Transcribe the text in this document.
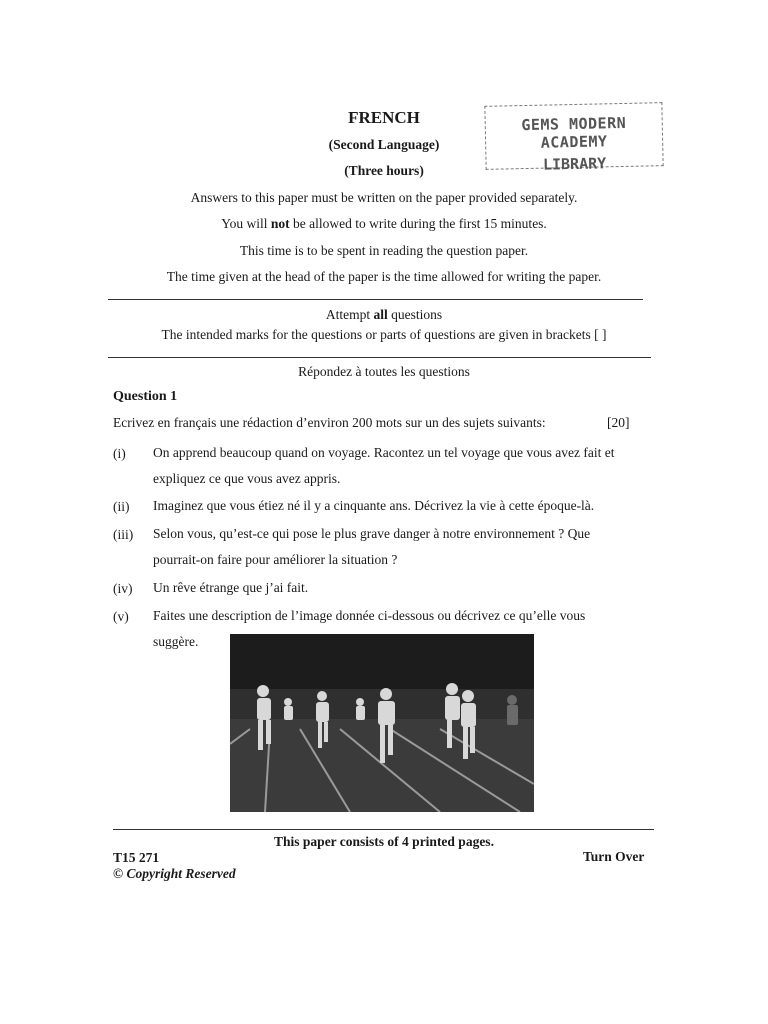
FRENCH
(Second Language)
(Three hours)
GEMS MODERN ACADEMY
LIBRARY
Answers to this paper must be written on the paper provided separately.
You will not be allowed to write during the first 15 minutes.
This time is to be spent in reading the question paper.
The time given at the head of the paper is the time allowed for writing the paper.
Attempt all questions
The intended marks for the questions or parts of questions are given in brackets [ ]
Répondez à toutes les questions
Question 1
Ecrivez en français une rédaction d’environ 200 mots sur un des sujets suivants:	[20]
(i) On apprend beaucoup quand on voyage. Racontez un tel voyage que vous avez fait et expliquez ce que vous avez appris.
(ii) Imaginez que vous étiez né il y a cinquante ans. Décrivez la vie à cette époque-là.
(iii) Selon vous, qu’est-ce qui pose le plus grave danger à notre environnement ? Que pourrait-on faire pour améliorer la situation ?
(iv) Un rêve étrange que j’ai fait.
(v) Faites une description de l’image donnée ci-dessous ou décrivez ce qu’elle vous suggère.
This paper consists of 4 printed pages.
T15 271	Turn Over
© Copyright Reserved
